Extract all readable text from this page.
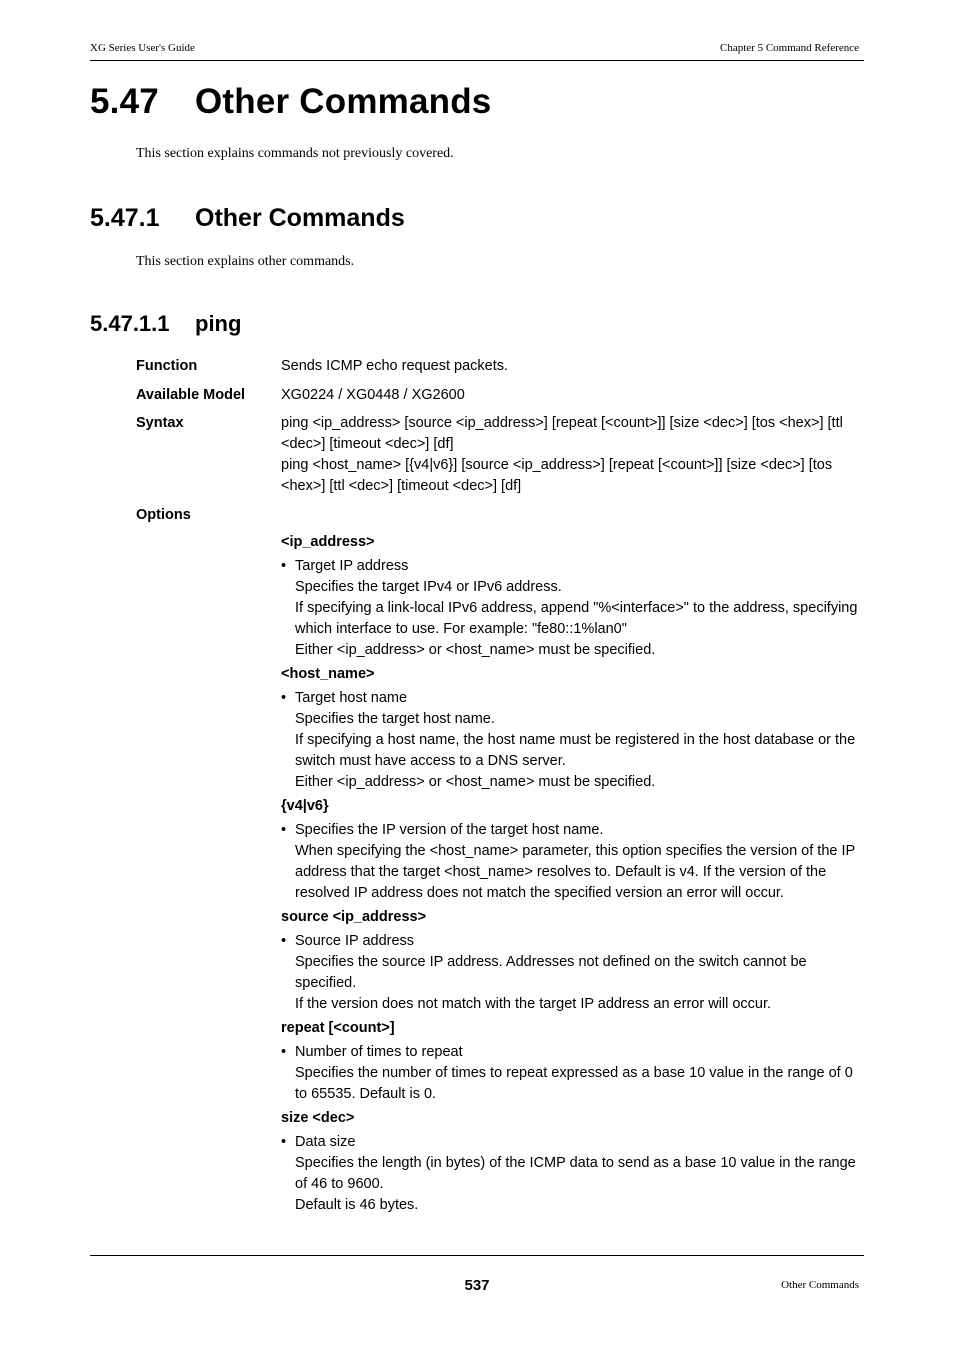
XG Series User's Guide	Chapter 5 Command Reference
5.47 Other Commands
This section explains commands not previously covered.
5.47.1 Other Commands
This section explains other commands.
5.47.1.1 ping
Function	Sends ICMP echo request packets.
Available Model XG0224 / XG0448 / XG2600
Syntax	ping <ip_address> [source <ip_address>] [repeat [<count>]] [size <dec>] [tos <hex>] [ttl <dec>] [timeout <dec>] [df]
ping <host_name> [{v4|v6}] [source <ip_address>] [repeat [<count>]] [size <dec>] [tos <hex>] [ttl <dec>] [timeout <dec>] [df]
Options
<ip_address>
• Target IP address
Specifies the target IPv4 or IPv6 address.
If specifying a link-local IPv6 address, append "%<interface>" to the address, specifying which interface to use. For example: "fe80::1%lan0"
Either <ip_address> or <host_name> must be specified.
<host_name>
• Target host name
Specifies the target host name.
If specifying a host name, the host name must be registered in the host database or the switch must have access to a DNS server.
Either <ip_address> or <host_name> must be specified.
{v4|v6}
• Specifies the IP version of the target host name.
When specifying the <host_name> parameter, this option specifies the version of the IP address that the target <host_name> resolves to. Default is v4. If the version of the resolved IP address does not match the specified version an error will occur.
source <ip_address>
• Source IP address
Specifies the source IP address. Addresses not defined on the switch cannot be specified.
If the version does not match with the target IP address an error will occur.
repeat [<count>]
• Number of times to repeat
Specifies the number of times to repeat expressed as a base 10 value in the range of 0 to 65535. Default is 0.
size <dec>
• Data size
Specifies the length (in bytes) of the ICMP data to send as a base 10 value in the range of 46 to 9600.
Default is 46 bytes.
537	Other Commands
